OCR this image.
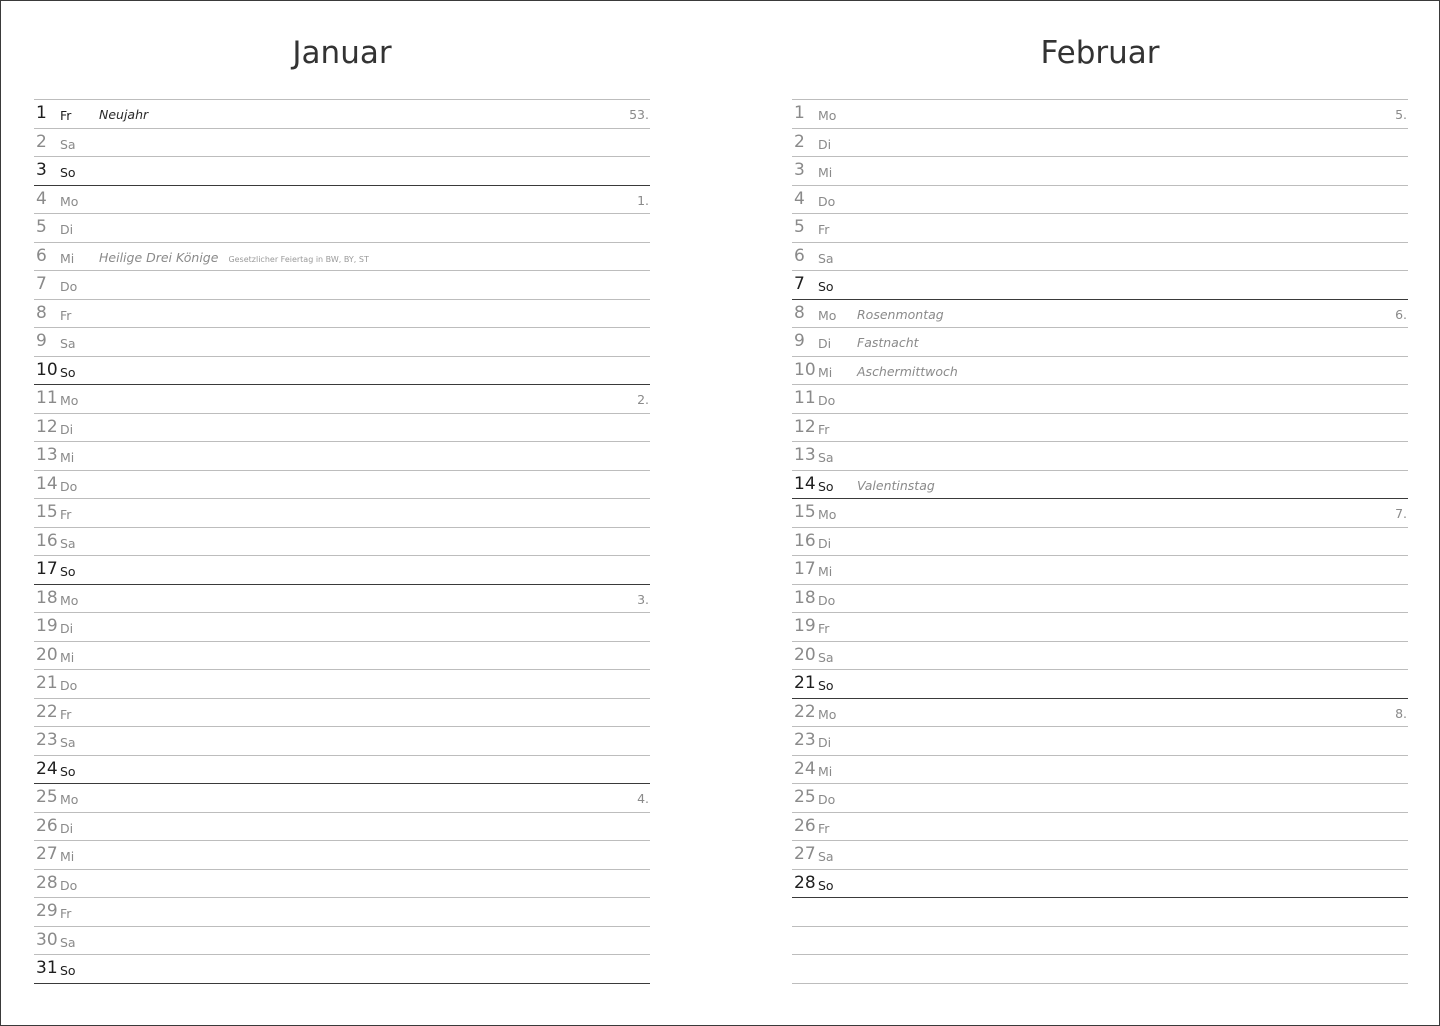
Januar
1 Fr Neujahr	53.
2 Sa
3 So
4 Mo	1.
5 Di
6 Mi Heilige Drei Könige Gesetzlicher Feiertag in BW, BY, ST
7 Do
8 Fr
9 Sa
10 So
11 Mo	2.
12 Di
13 Mi
14 Do
15 Fr
16 Sa
17 So
18 Mo	3.
19 Di
20 Mi
21 Do
22 Fr
23 Sa
24 So
25 Mo	4.
26 Di
27 Mi
28 Do
29 Fr
30 Sa
31 So
Februar
1 Mo	5.
2 Di
3 Mi
4 Do
5 Fr
6 Sa
7 So
8 Mo Rosenmontag	6.
9 Di Fastnacht
10 Mi Aschermittwoch
11 Do
12 Fr
13 Sa
14 So Valentinstag
15 Mo	7.
16 Di
17 Mi
18 Do
19 Fr
20 Sa
21 So
22 Mo	8.
23 Di
24 Mi
25 Do
26 Fr
27 Sa
28 So
